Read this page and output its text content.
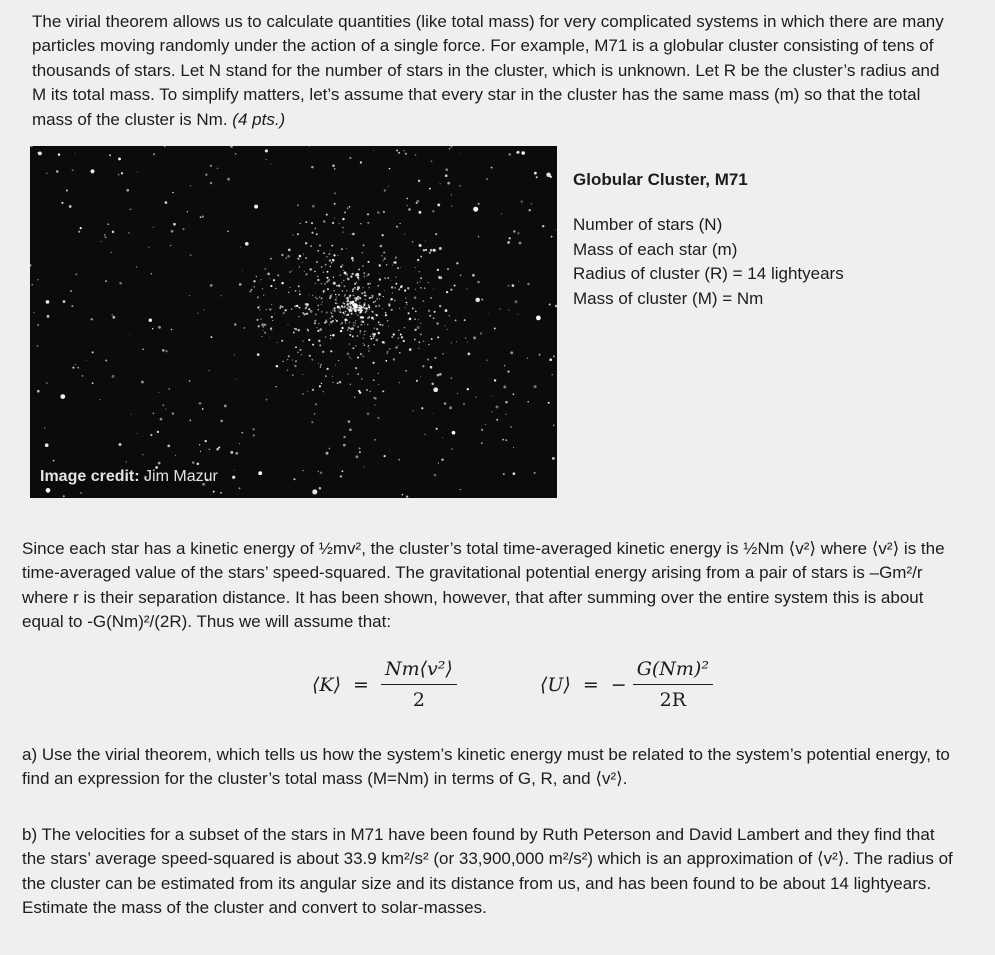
The virial theorem allows us to calculate quantities (like total mass) for very complicated systems in which there are many particles moving randomly under the action of a single force. For example, M71 is a globular cluster consisting of tens of thousands of stars. Let N stand for the number of stars in the cluster, which is unknown. Let R be the cluster’s radius and M its total mass. To simplify matters, let’s assume that every star in the cluster has the same mass (m) so that the total mass of the cluster is Nm. (4 pts.)

Image credit: Jim Mazur

Globular Cluster, M71

Number of stars (N)

Mass of each star (m)

Radius of cluster (R) = 14 lightyears

Mass of cluster (M) = Nm

Since each star has a kinetic energy of ½mv², the cluster’s total time-averaged kinetic energy is ½Nm ⟨v²⟩ where ⟨v²⟩ is the time-averaged value of the stars’ speed-squared. The gravitational potential energy arising from a pair of stars is –Gm²/r where r is their separation distance. It has been shown, however, that after summing over the entire system this is about equal to -G(Nm)²/(2R). Thus we will assume that:

⟨K⟩ = $\frac{\text{Nm⟨v²⟩}}{2}$	⟨U⟩ = − $\frac{\text{G(Nm)²}}{2R}$

a) Use the virial theorem, which tells us how the system’s kinetic energy must be related to the system’s potential energy, to find an expression for the cluster’s total mass (M=Nm) in terms of G, R, and ⟨v²⟩.

b) The velocities for a subset of the stars in M71 have been found by Ruth Peterson and David Lambert and they find that the stars’ average speed-squared is about 33.9 km²/s² (or 33,900,000 m²/s²) which is an approximation of ⟨v²⟩. The radius of the cluster can be estimated from its angular size and its distance from us, and has been found to be about 14 lightyears. Estimate the mass of the cluster and convert to solar-masses.
